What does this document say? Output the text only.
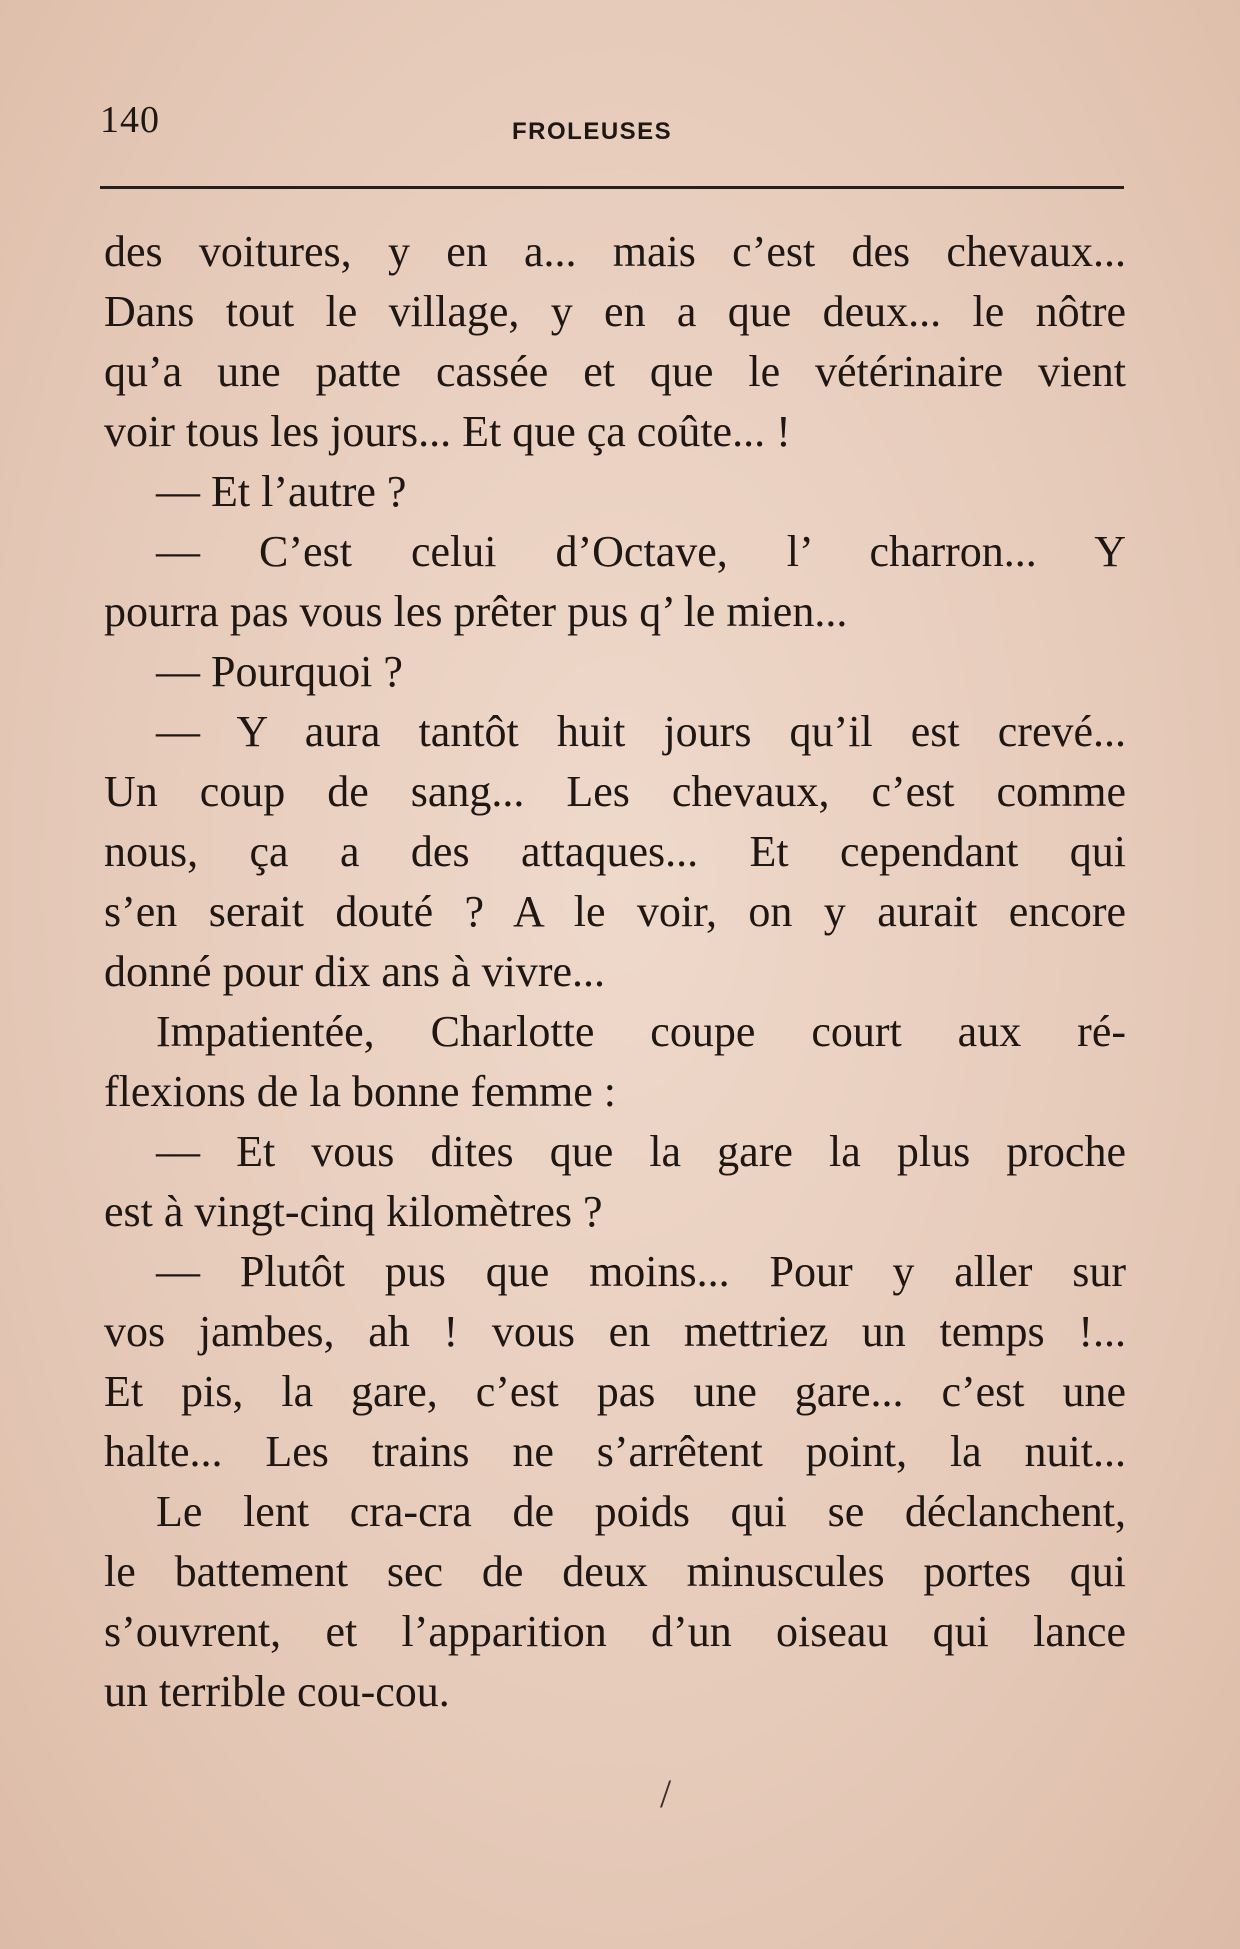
140	FROLEUSES
des voitures, y en a... mais c’est des chevaux...
Dans tout le village, y en a que deux... le nôtre
qu’a une patte cassée et que le vétérinaire vient
voir tous les jours... Et que ça coûte... !
— Et l’autre ?
— C’est celui d’Octave, l’ charron... Y
pourra pas vous les prêter pus q’ le mien...
— Pourquoi ?
— Y aura tantôt huit jours qu’il est crevé...
Un coup de sang... Les chevaux, c’est comme
nous, ça a des attaques... Et cependant qui
s’en serait douté ? A le voir, on y aurait encore
donné pour dix ans à vivre...
Impatientée, Charlotte coupe court aux ré-
flexions de la bonne femme :
— Et vous dites que la gare la plus proche
est à vingt-cinq kilomètres ?
— Plutôt pus que moins... Pour y aller sur
vos jambes, ah ! vous en mettriez un temps !...
Et pis, la gare, c’est pas une gare... c’est une
halte... Les trains ne s’arrêtent point, la nuit...
Le lent cra-cra de poids qui se déclanchent,
le battement sec de deux minuscules portes qui
s’ouvrent, et l’apparition d’un oiseau qui lance
un terrible cou-cou.
/
